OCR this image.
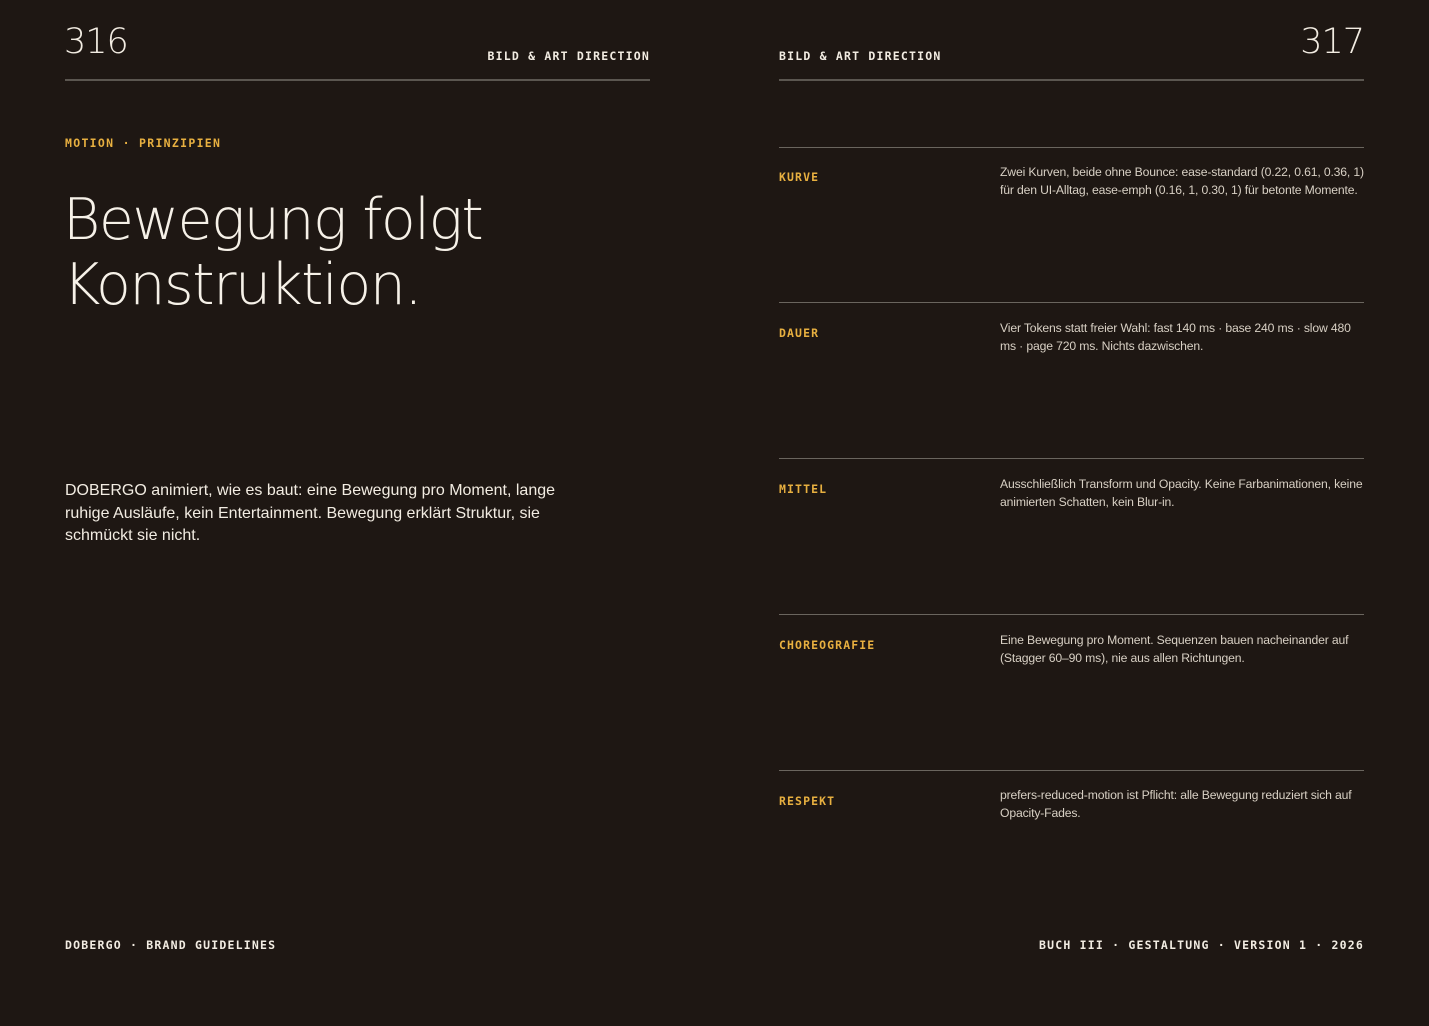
316	BILD & ART DIRECTION
MOTION · PRINZIPIEN
Bewegung folgt
Konstruktion.

DOBERGO animiert, wie es baut: eine Bewegung pro Moment, lange ruhige Ausläufe, kein Entertainment. Bewegung erklärt Struktur, sie schmückt sie nicht.

DOBERGO · BRAND GUIDELINES
BILD & ART DIRECTION	317
KURVE	Zwei Kurven, beide ohne Bounce: ease-standard (0.22, 0.61, 0.36, 1) für den UI-Alltag, ease-emph (0.16, 1, 0.30, 1) für betonte Momente.

DAUER	Vier Tokens statt freier Wahl: fast 140 ms · base 240 ms · slow 480 ms · page 720 ms. Nichts dazwischen.

MITTEL	Ausschließlich Transform und Opacity. Keine Farbanimationen, keine animierten Schatten, kein Blur-in.

CHOREOGRAFIE	Eine Bewegung pro Moment. Sequenzen bauen nacheinander auf (Stagger 60–90 ms), nie aus allen Richtungen.

RESPEKT	prefers-reduced-motion ist Pflicht: alle Bewegung reduziert sich auf Opacity-Fades.

BUCH III · GESTALTUNG · VERSION 1 · 2026
